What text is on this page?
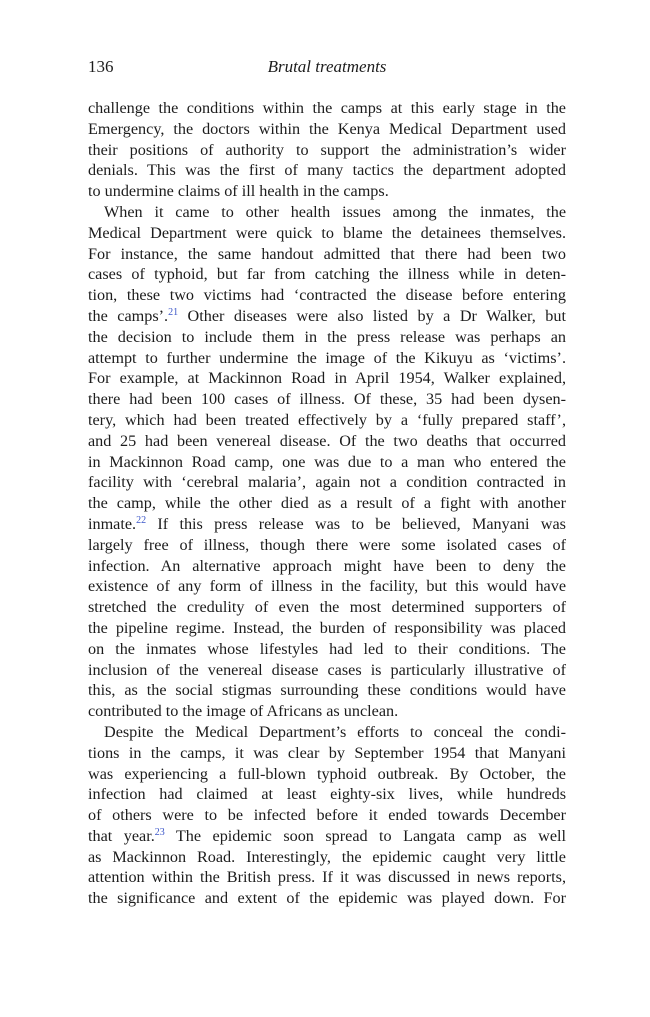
136	Brutal treatments
challenge the conditions within the camps at this early stage in the
Emergency, the doctors within the Kenya Medical Department used
their positions of authority to support the administration’s wider
denials. This was the first of many tactics the department adopted
to undermine claims of ill health in the camps.
When it came to other health issues among the inmates, the
Medical Department were quick to blame the detainees themselves.
For instance, the same handout admitted that there had been two
cases of typhoid, but far from catching the illness while in deten-
tion, these two victims had ‘contracted the disease before entering
the camps’.$^{21}$ Other diseases were also listed by a Dr Walker, but
the decision to include them in the press release was perhaps an
attempt to further undermine the image of the Kikuyu as ‘victims’.
For example, at Mackinnon Road in April 1954, Walker explained,
there had been 100 cases of illness. Of these, 35 had been dysen-
tery, which had been treated effectively by a ‘fully prepared staff’,
and 25 had been venereal disease. Of the two deaths that occurred
in Mackinnon Road camp, one was due to a man who entered the
facility with ‘cerebral malaria’, again not a condition contracted in
the camp, while the other died as a result of a fight with another
inmate.$^{22}$ If this press release was to be believed, Manyani was
largely free of illness, though there were some isolated cases of
infection. An alternative approach might have been to deny the
existence of any form of illness in the facility, but this would have
stretched the credulity of even the most determined supporters of
the pipeline regime. Instead, the burden of responsibility was placed
on the inmates whose lifestyles had led to their conditions. The
inclusion of the venereal disease cases is particularly illustrative of
this, as the social stigmas surrounding these conditions would have
contributed to the image of Africans as unclean.
Despite the Medical Department’s efforts to conceal the condi-
tions in the camps, it was clear by September 1954 that Manyani
was experiencing a full-blown typhoid outbreak. By October, the
infection had claimed at least eighty-six lives, while hundreds
of others were to be infected before it ended towards December
that year.$^{23}$ The epidemic soon spread to Langata camp as well
as Mackinnon Road. Interestingly, the epidemic caught very little
attention within the British press. If it was discussed in news reports,
the significance and extent of the epidemic was played down. For
